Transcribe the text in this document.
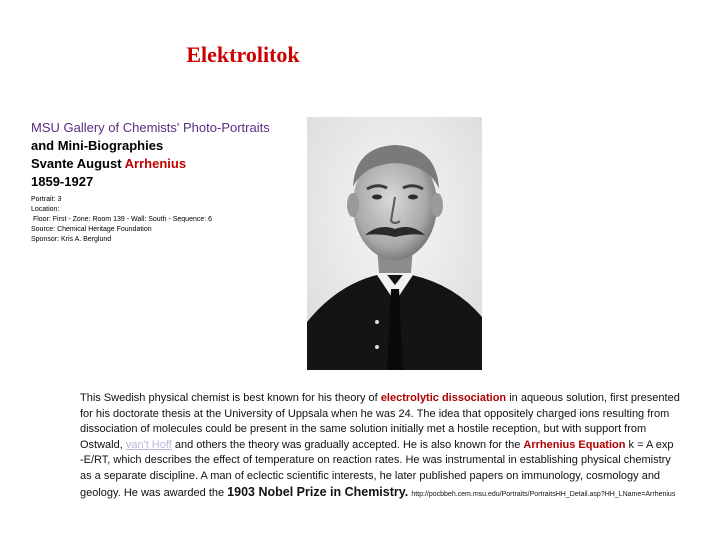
Elektrolitok
MSU Gallery of Chemists' Photo-Portraits
and Mini-Biographies
Svante August Arrhenius
1859-1927
Portrait: 3
Location:
Floor: First - Zone: Room 139 - Wall: South - Sequence: 6
Source: Chemical Heritage Foundation
Sponsor: Kris A. Berglund
This Swedish physical chemist is best known for his theory of electrolytic dissociation in aqueous solution, first presented for his doctorate thesis at the University of Uppsala when he was 24. The idea that oppositely charged ions resulting from dissociation of molecules could be present in the same solution initially met a hostile reception, but with support from Ostwald, van't Hoff and others the theory was gradually accepted. He is also known for the Arrhenius Equation k = A exp -E/RT, which describes the effect of temperature on reaction rates. He was instrumental in establishing physical chemistry as a separate discipline. A man of eclectic scientific interests, he later published papers on immunology, cosmology and geology. He was awarded the 1903 Nobel Prize in Chemistry. http://pocbbeh.cem.msu.edu/Portraits/PortraitsHH_Detail.asp?HH_LName=Arrhenius
